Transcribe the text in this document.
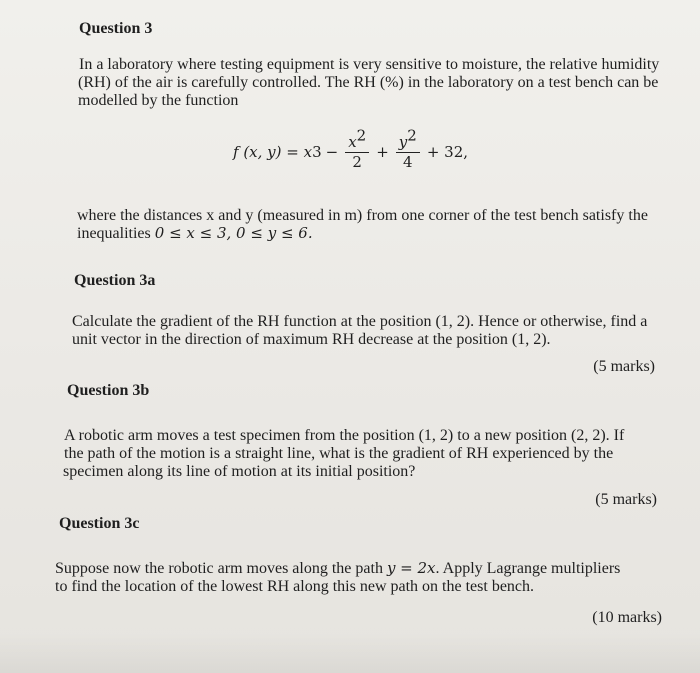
Question 3

In a laboratory where testing equipment is very sensitive to moisture, the relative humidity

(RH) of the air is carefully controlled. The RH (%) in the laboratory on a test bench can be

modelled by the function

f (x, $y) = x3 - \frac{x^2}{2} + \frac{y^2}{4} + 32$,

where the distances x and y (measured in m) from one corner of the test bench satisfy the

inequalities 0 ≤ x ≤ 3, 0 ≤ y ≤ 6.

Question 3a

Calculate the gradient of the RH function at the position (1, 2). Hence or otherwise, find a

unit vector in the direction of maximum RH decrease at the position (1, 2).

(5 marks)

Question 3b

A robotic arm moves a test specimen from the position (1, 2) to a new position (2, 2). If

the path of the motion is a straight line, what is the gradient of RH experienced by the

specimen along its line of motion at its initial position?

(5 marks)

Question 3c

Suppose now the robotic arm moves along the path y = 2x. Apply Lagrange multipliers

to find the location of the lowest RH along this new path on the test bench.

(10 marks)
